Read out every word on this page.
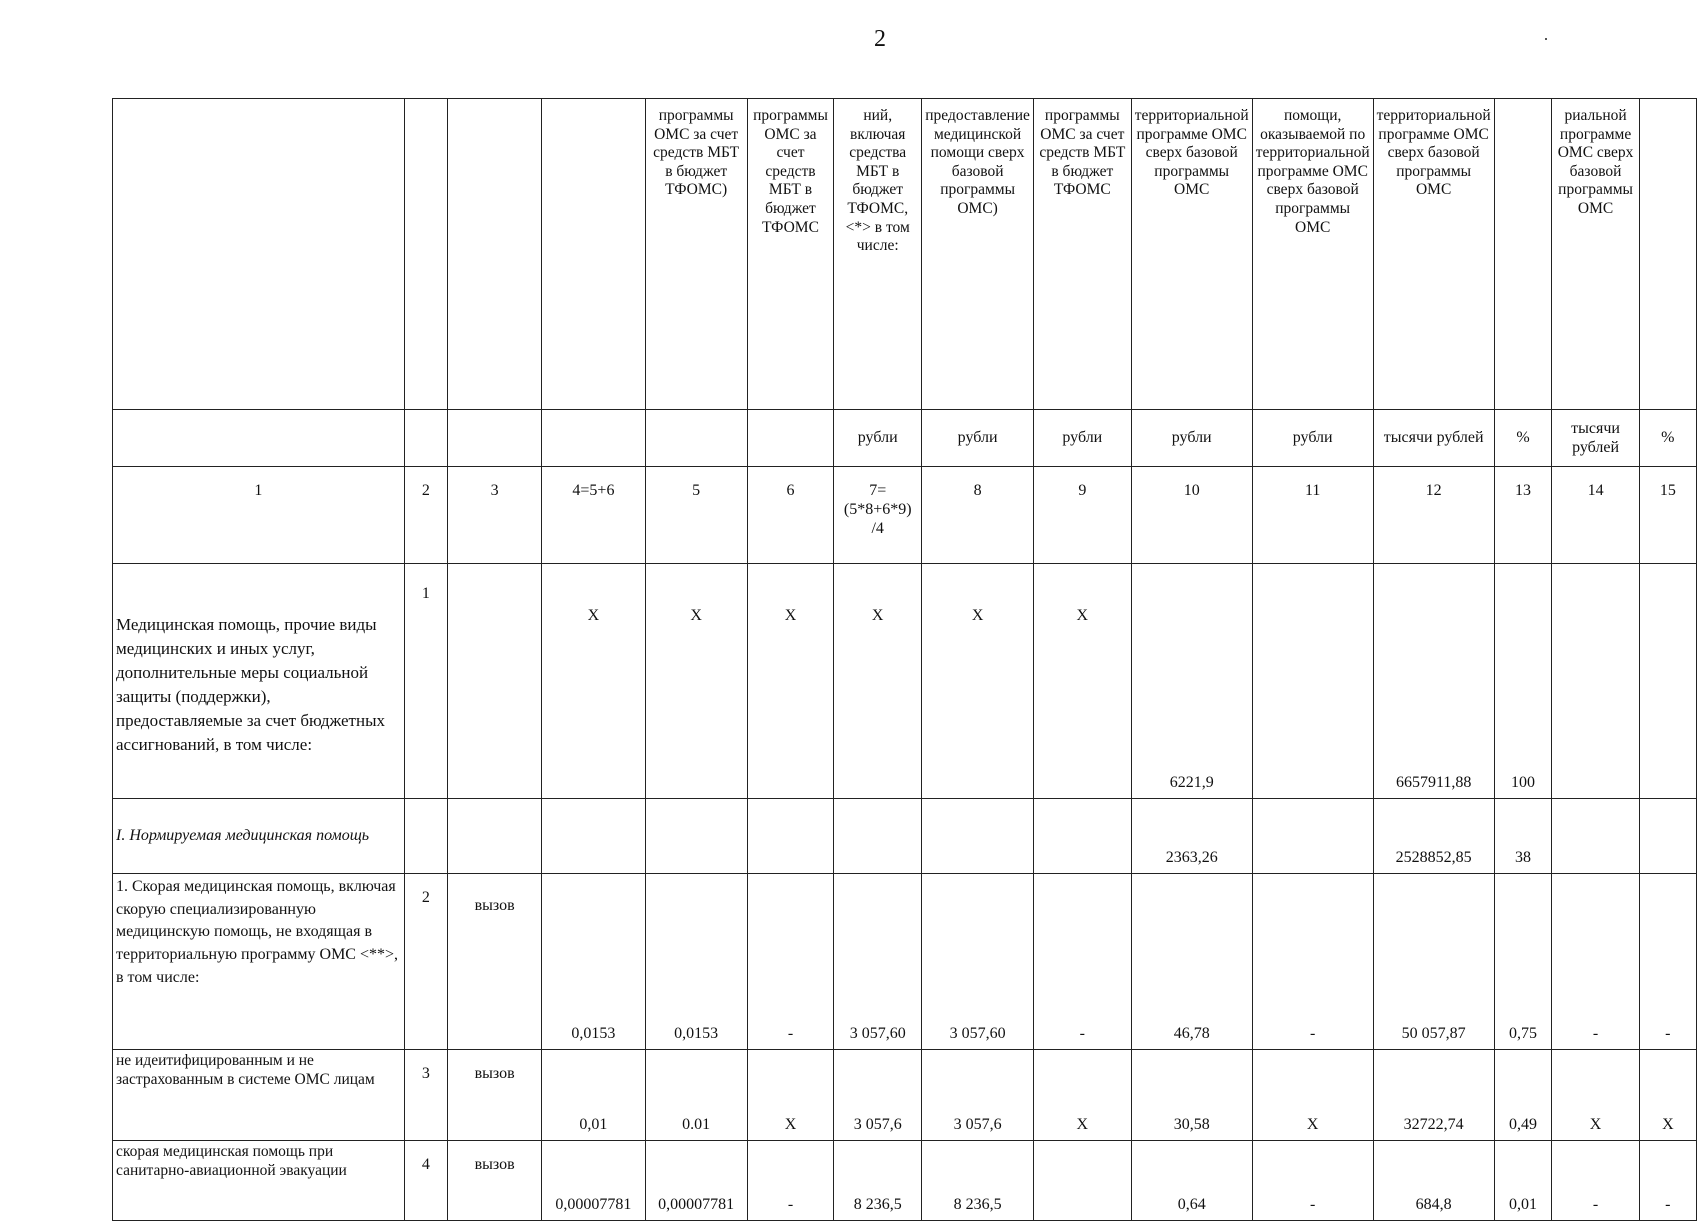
2
				программы ОМС за счет средств МБТ в бюджет ТФОМС)	программы ОМС за счет средств МБТ в бюджет ТФОМС	ний, включая средства МБТ в бюджет ТФОМС, <*> в том числе:	предоставление медицинской помощи сверх базовой программы ОМС)	программы ОМС за счет средств МБТ в бюджет ТФОМС	территориальной программе ОМС сверх базовой программы ОМС	помощи, оказываемой по территориальной программе ОМС сверх базовой программы ОМС	территориальной программе ОМС сверх базовой программы ОМС		риальной программе ОМС сверх базовой программы ОМС	
						рубли	рубли	рубли	рубли	рубли	тысячи рублей	%	тысячи рублей	%
1	2	3	4=5+6	5	6	7= (5*8+6*9) /4	8	9	10	11	12	13	14	15
Медицинская помощь, прочие виды медицинских и иных услуг, дополнительные меры социальной защиты (поддержки), предоставляемые за счет бюджетных ассигнований, в том числе:	1		X	X	X	X	X	X	6221,9		6657911,88	100		
I. Нормируемая медицинская помощь									2363,26		2528852,85	38		
1. Скорая медицинская помощь, включая скорую специализированную медицинскую помощь, не входящая в территориальную программу ОМС <**>, в том числе:	2	вызов	0,0153	0,0153	-	3 057,60	3 057,60	-	46,78	-	50 057,87	0,75	-	-
не идеитифицированным и не застрахованным в системе ОМС лицам	3	вызов	0,01	0.01	X	3 057,6	3 057,6	X	30,58	X	32722,74	0,49	X	X
скорая медицинская помощь при санитарно-авиационной эвакуации	4	вызов	0,00007781	0,00007781	-	8 236,5	8 236,5		0,64	-	684,8	0,01	-	-
